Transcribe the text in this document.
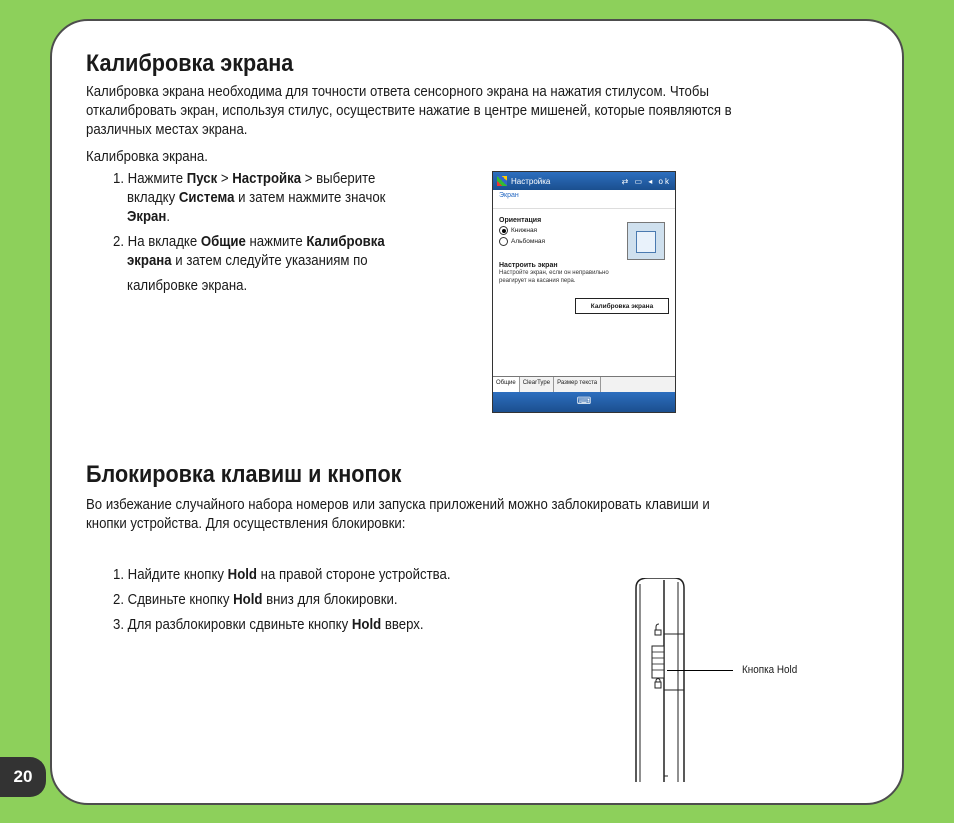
20
Калибровка экрана
Калибровка экрана необходима для точности ответа сенсорного экрана на нажатия стилусом. Чтобы
откалибровать экран, используя стилус, осуществите нажатие в центре мишеней, которые появляются в
различных местах экрана.
Калибровка экрана.
1. Нажмите Пуск > Настройка > выберите
вкладку Система и затем нажмите значок
Экран.
2. На вкладке Общие нажмите Калибровка
экрана и затем следуйте указаниям по
калибровке экрана.
Настройка	⇄ ▭ ◂ ok
Экран
Ориентация
Книжная
Альбомная
Настроить экран
Настройте экран, если он неправильно
реагирует на касания пера.
Калибровка экрана
Общие	ClearType	Размер текста
⌨
Блокировка клавиш и кнопок
Во избежание случайного набора номеров или запуска приложений можно заблокировать клавиши и
кнопки устройства. Для осуществления блокировки:
1. Найдите кнопку Hold на правой стороне устройства.
2. Сдвиньте кнопку Hold вниз для блокировки.
3. Для разблокировки сдвиньте кнопку Hold вверх.
Кнопка Hold
